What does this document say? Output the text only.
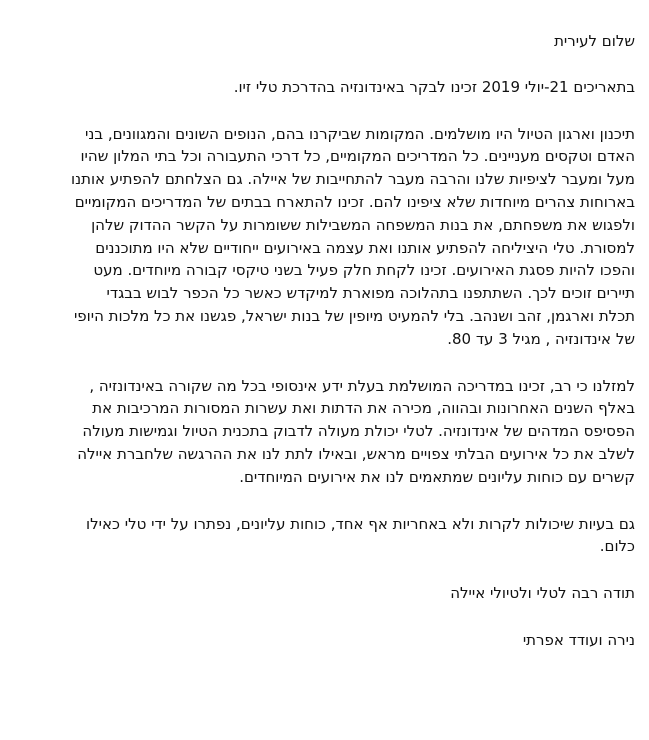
שלום לעירית

בתאריכים 21-יולי 2019 זכינו לבקר באינדונזיה בהדרכת טלי זיו.

תיכנון וארגון הטיול היו מושלמים. המקומות שביקרנו בהם, הנופים השונים והמגוונים, בני האדם וטקסים מעניינים. כל המדריכים המקומיים, כל דרכי התעבורה וכל בתי המלון שהיו מעל ומעבר לציפיות שלנו והרבה מעבר להתחייבות של איילה. גם הצלחתם להפתיע אותנו בארוחות צהרים מיוחדות שלא ציפינו להם. זכינו להתארח בבתים של המדריכים המקומיים ולפגוש את משפחתם, את בנות המשפחה המשבילות ששומרות על הקשר ההדוק שלהן למסורת. טלי היציליחה להפתיע אותנו ואת עצמה באירועים ייחודיים שלא היו מתוכננים והפכו להיות פסגת האירועים. זכינו לקחת חלק פעיל בשני טיקסי קבורה מיוחדים. מעט תיירים זוכים לכך. השתתפנו בתהלוכה מפוארת למיקדש כאשר כל הכפר לבוש בבגדי תכלת וארגמן, זהב ושנהב. בלי להמעיט מיופין של בנות ישראל, פגשנו את כל מלכות היופי של אינדונזיה , מגיל 3 עד 80.

למזלנו כי רב, זכינו במדריכה המושלמת בעלת ידע אינסופי בכל מה שקורה באינדונזיה , באלף השנים האחרונות ובהווה, מכירה את הדתות ואת עשרות המסורות המרכיבות את הפסיפס המדהים של אינדונזיה. לטלי יכולת מעולה לדבוק בתכנית הטיול וגמישות מעולה לשלב את כל אירועים הבלתי צפויים מראש, ובאילו לתת לנו את ההרגשה שלחברת איילה קשרים עם כוחות עליונים שמתאמים לנו את אירועים המיוחדים.

גם בעיות שיכולות לקרות ולא באחריות אף אחד, כוחות עליונים, נפתרו על ידי טלי כאילו כלום.

תודה רבה לטלי ולטיולי איילה

נירה ועודד אפרתי
